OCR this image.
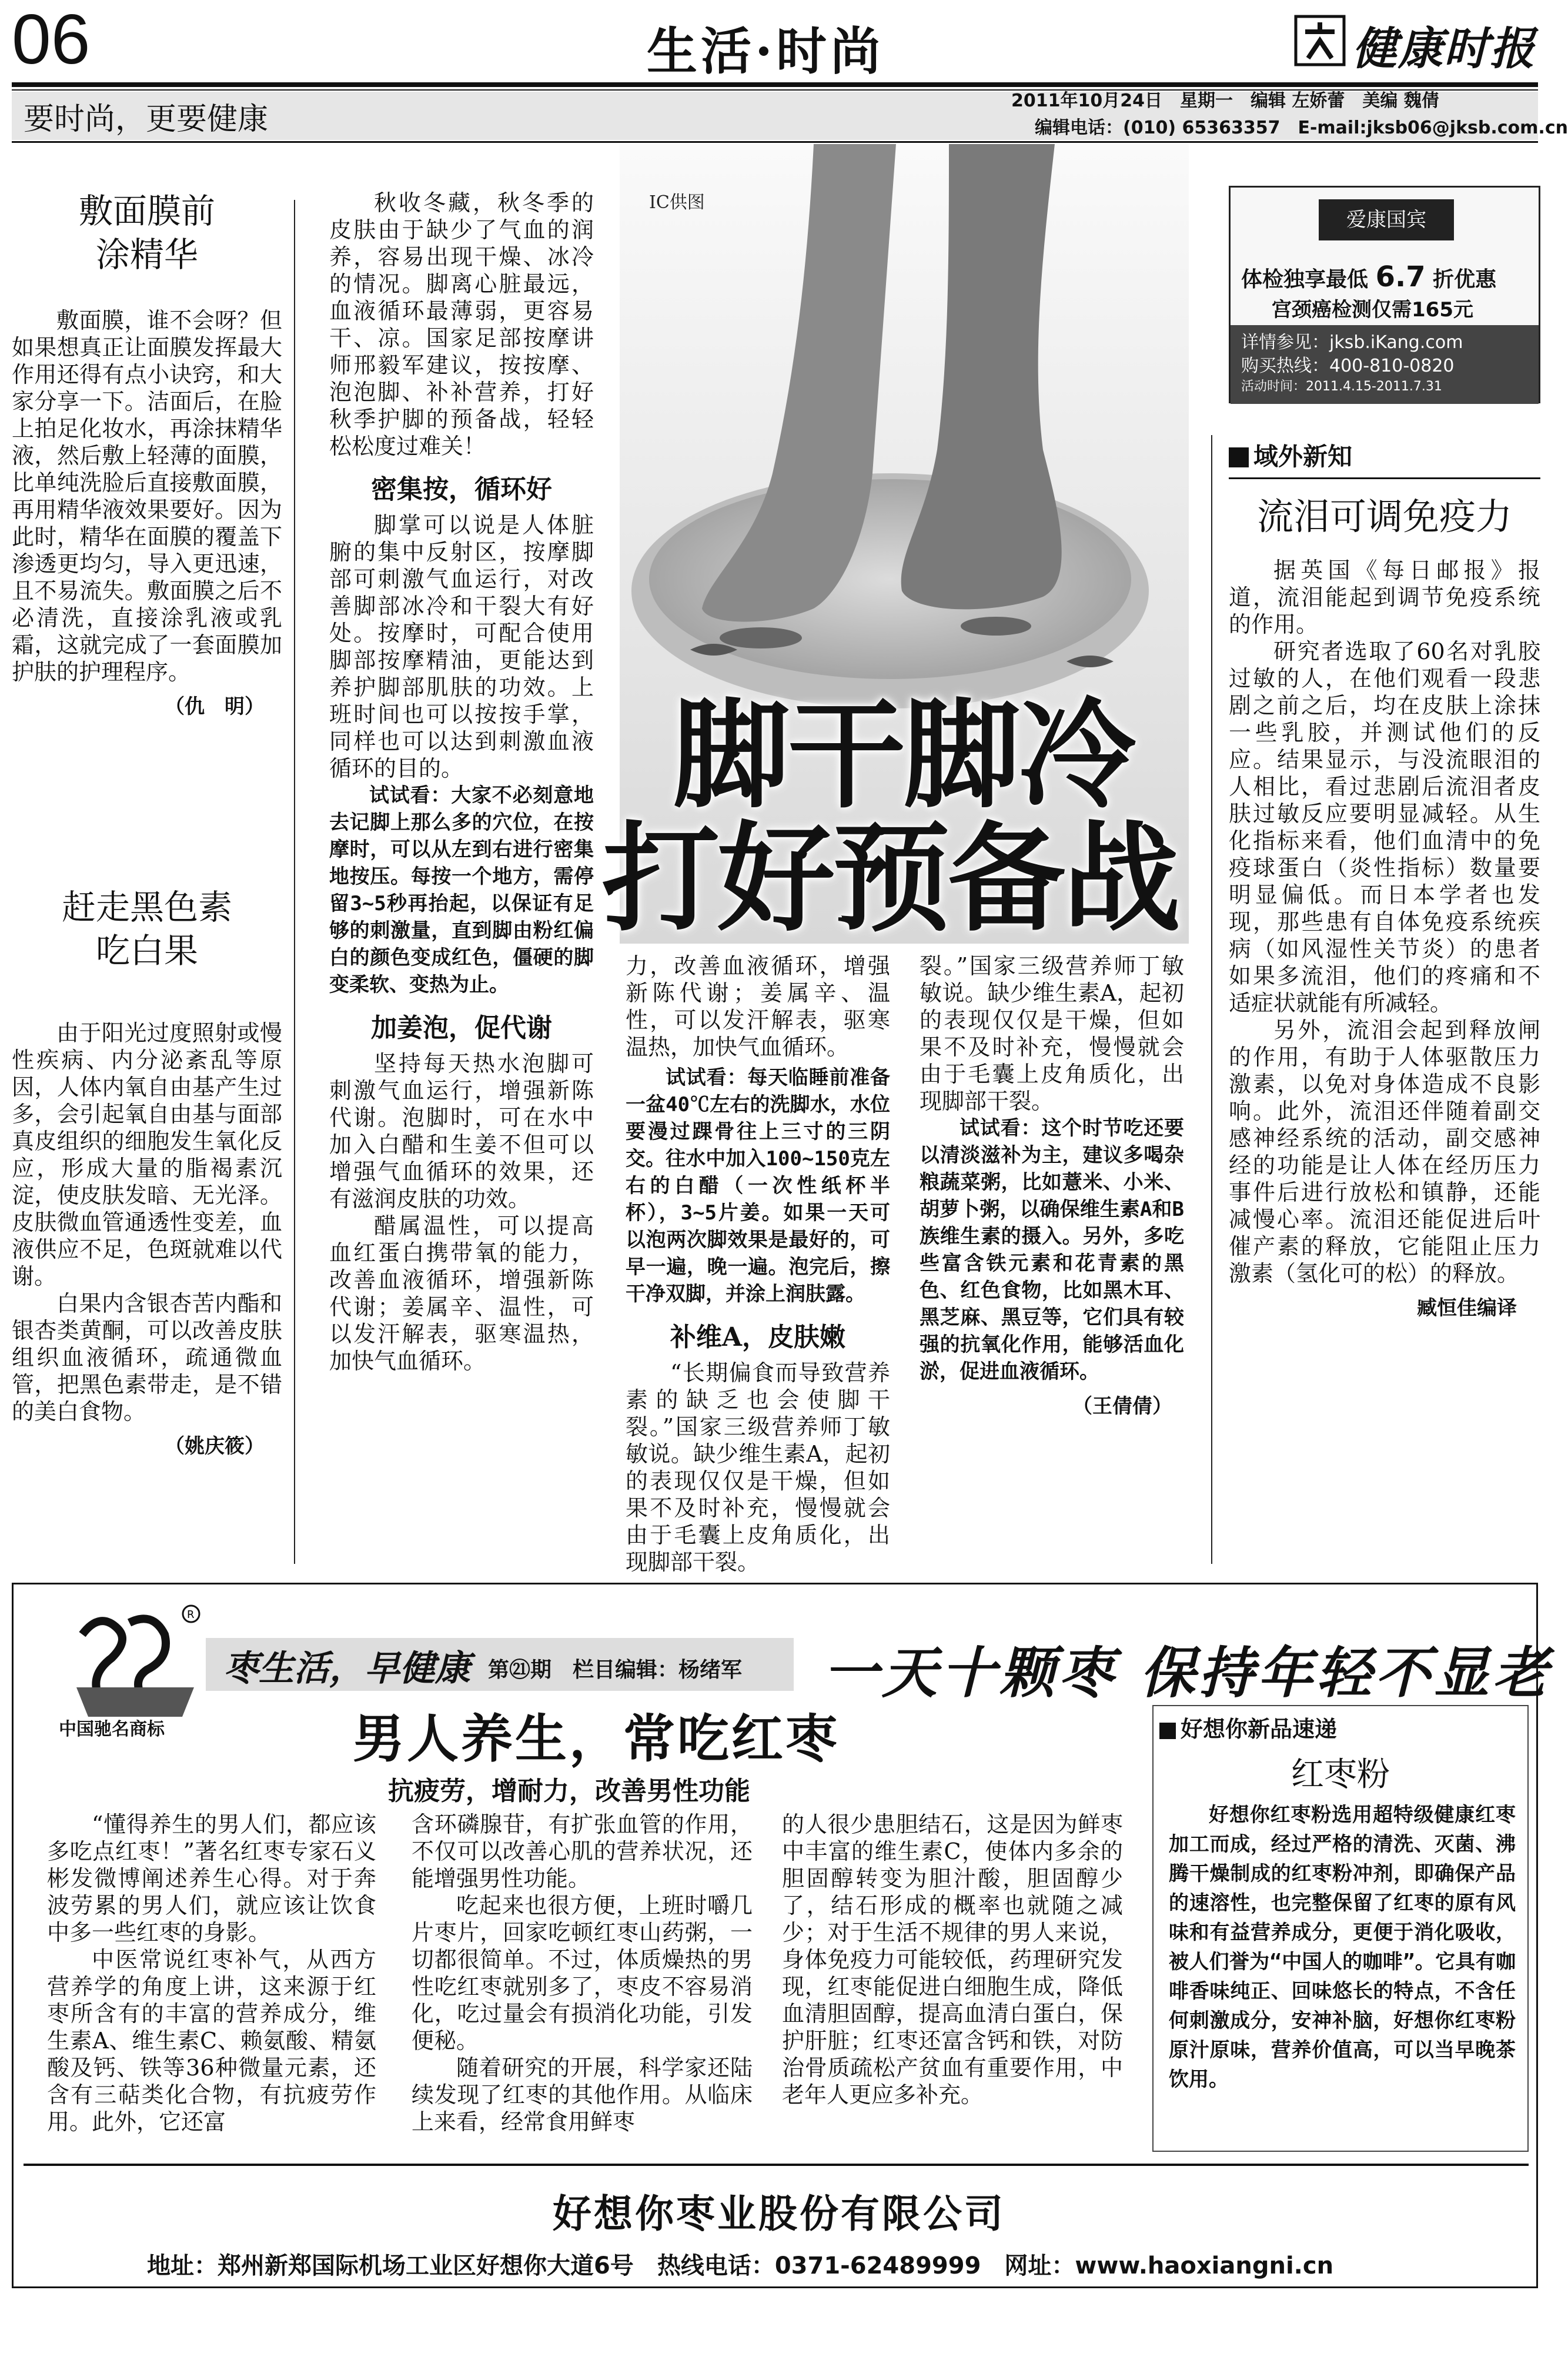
06	生活·时尚	健康时报
要时尚，更要健康
2011年10月24日　星期一　编辑 左娇蕾　美编 魏倩
编辑电话：(010) 65363357　E-mail:jksb06@jksb.com.cn
敷面膜前
涂精华

敷面膜，谁不会呀？但如果想真正让面膜发挥最大作用还得有点小诀窍，和大家分享一下。洁面后，在脸上拍足化妆水，再涂抹精华液，然后敷上轻薄的面膜，比单纯洗脸后直接敷面膜，再用精华液效果要好。因为此时，精华在面膜的覆盖下渗透更均匀，导入更迅速，且不易流失。敷面膜之后不必清洗，直接涂乳液或乳霜，这就完成了一套面膜加护肤的护理程序。

（仇　明）
赶走黑色素
吃白果

由于阳光过度照射或慢性疾病、内分泌紊乱等原因，人体内氧自由基产生过多，会引起氧自由基与面部真皮组织的细胞发生氧化反应，形成大量的脂褐素沉淀，使皮肤发暗、无光泽。皮肤微血管通透性变差，血液供应不足，色斑就难以代谢。

白果内含银杏苦内酯和银杏类黄酮，可以改善皮肤组织血液循环，疏通微血管，把黑色素带走，是不错的美白食物。

（姚庆筱）

秋收冬藏，秋冬季的皮肤由于缺少了气血的润养，容易出现干燥、冰冷的情况。脚离心脏最远，血液循环最薄弱，更容易干、凉。国家足部按摩讲师邢毅军建议，按按摩、泡泡脚、补补营养，打好秋季护脚的预备战，轻轻松松度过难关！

密集按，循环好

脚掌可以说是人体脏腑的集中反射区，按摩脚部可刺激气血运行，对改善脚部冰冷和干裂大有好处。按摩时，可配合使用脚部按摩精油，更能达到养护脚部肌肤的功效。上班时间也可以按按手掌，同样也可以达到刺激血液循环的目的。

试试看：大家不必刻意地去记脚上那么多的穴位，在按摩时，可以从左到右进行密集地按压。每按一个地方，需停留3~5秒再抬起，以保证有足够的刺激量，直到脚由粉红偏白的颜色变成红色，僵硬的脚变柔软、变热为止。
加姜泡，促代谢

坚持每天热水泡脚可刺激气血运行，增强新陈代谢。泡脚时，可在水中加入白醋和生姜不但可以增强气血循环的效果，还有滋润皮肤的功效。

醋属温性，可以提高血红蛋白携带氧的能力，改善血液循环，增强新陈代谢；姜属辛、温性，可以发汗解表，驱寒温热，加快气血循环。

IC供图
脚干脚冷
打好预备战

力，改善血液循环，增强新陈代谢；姜属辛、温性，可以发汗解表，驱寒温热，加快气血循环。

试试看：每天临睡前准备一盆40℃左右的洗脚水，水位要漫过踝骨往上三寸的三阴交。往水中加入100~150克左右的白醋（一次性纸杯半杯），3~5片姜。如果一天可以泡两次脚效果是最好的，可早一遍，晚一遍。泡完后，擦干净双脚，并涂上润肤露。
补维A，皮肤嫩

“长期偏食而导致营养素的缺乏也会使脚干裂。”国家三级营养师丁敏敏说。缺少维生素A，起初的表现仅仅是干燥，但如果不及时补充，慢慢就会由于毛囊上皮角质化，出现脚部干裂。

裂。”国家三级营养师丁敏敏说。缺少维生素A，起初的表现仅仅是干燥，但如果不及时补充，慢慢就会由于毛囊上皮角质化，出现脚部干裂。

试试看：这个时节吃还要以清淡滋补为主，建议多喝杂粮蔬菜粥，比如薏米、小米、胡萝卜粥，以确保维生素A和B族维生素的摄入。另外，多吃些富含铁元素和花青素的黑色、红色食物，比如黑木耳、黑芝麻、黑豆等，它们具有较强的抗氧化作用，能够活血化淤，促进血液循环。
（王倩倩）
爱康国宾
体检独享最低 6.7 折优惠
宫颈癌检测仅需165元
详情参见：jksb.iKang.com
购买热线：400-810-0820
活动时间：2011.4.15-2011.7.31
域外新知
流泪可调免疫力

据英国《每日邮报》报道，流泪能起到调节免疫系统的作用。

研究者选取了60名对乳胶过敏的人，在他们观看一段悲剧之前之后，均在皮肤上涂抹一些乳胶，并测试他们的反应。结果显示，与没流眼泪的人相比，看过悲剧后流泪者皮肤过敏反应要明显减轻。从生化指标来看，他们血清中的免疫球蛋白（炎性指标）数量要明显偏低。而日本学者也发现，那些患有自体免疫系统疾病（如风湿性关节炎）的患者如果多流泪，他们的疼痛和不适症状就能有所减轻。

另外，流泪会起到释放闸的作用，有助于人体驱散压力激素，以免对身体造成不良影响。此外，流泪还伴随着副交感神经系统的活动，副交感神经的功能是让人体在经历压力事件后进行放松和镇静，还能减慢心率。流泪还能促进后叶催产素的释放，它能阻止压力激素（氢化可的松）的释放。

臧恒佳编译
R
中国驰名商标
枣生活，早健康 第㉑期　栏目编辑：杨绪军 一天十颗枣 保持年轻不显老
男人养生，常吃红枣
抗疲劳，增耐力，改善男性功能

“懂得养生的男人们，都应该多吃点红枣！”著名红枣专家石义彬发微博阐述养生心得。对于奔波劳累的男人们，就应该让饮食中多一些红枣的身影。

中医常说红枣补气，从西方营养学的角度上讲，这来源于红枣所含有的丰富的营养成分，维生素A、维生素C、赖氨酸、精氨酸及钙、铁等36种微量元素，还含有三萜类化合物，有抗疲劳作用。此外，它还富

含环磷腺苷，有扩张血管的作用，不仅可以改善心肌的营养状况，还能增强男性功能。

吃起来也很方便，上班时嚼几片枣片，回家吃顿红枣山药粥，一切都很简单。不过，体质燥热的男性吃红枣就别多了，枣皮不容易消化，吃过量会有损消化功能，引发便秘。

随着研究的开展，科学家还陆续发现了红枣的其他作用。从临床上来看，经常食用鲜枣

的人很少患胆结石，这是因为鲜枣中丰富的维生素C，使体内多余的胆固醇转变为胆汁酸，胆固醇少了，结石形成的概率也就随之减少；对于生活不规律的男人来说，身体免疫力可能较低，药理研究发现，红枣能促进白细胞生成，降低血清胆固醇，提高血清白蛋白，保护肝脏；红枣还富含钙和铁，对防治骨质疏松产贫血有重要作用，中老年人更应多补充。

好想你新品速递
红枣粉

好想你红枣粉选用超特级健康红枣加工而成，经过严格的清洗、灭菌、沸腾干燥制成的红枣粉冲剂，即确保产品的速溶性，也完整保留了红枣的原有风味和有益营养成分，更便于消化吸收，被人们誉为“中国人的咖啡”。它具有咖啡香味纯正、回味悠长的特点，不含任何刺激成分，安神补脑，好想你红枣粉原汁原味，营养价值高，可以当早晚茶饮用。

好想你枣业股份有限公司
地址：郑州新郑国际机场工业区好想你大道6号　热线电话：0371-62489999　网址：www.haoxiangni.cn
